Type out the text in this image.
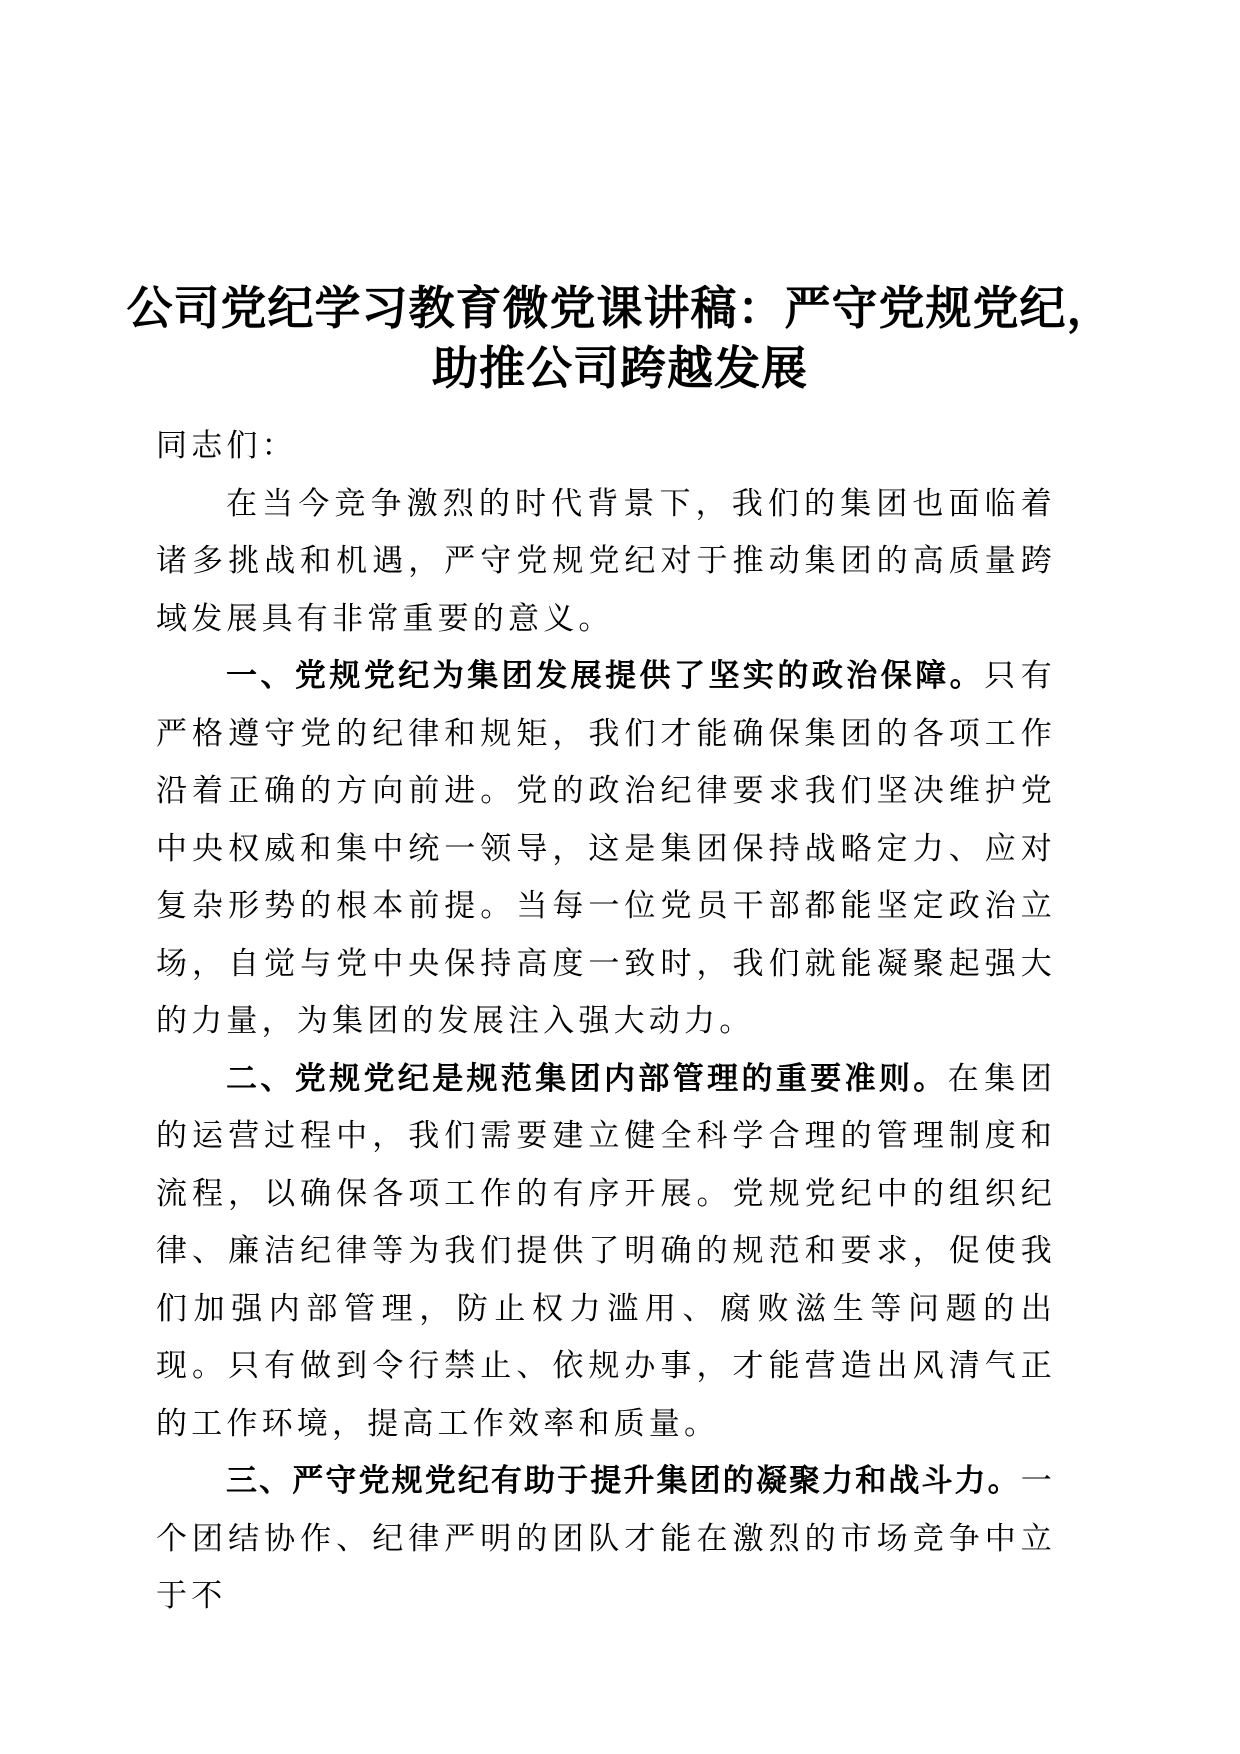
公司党纪学习教育微党课讲稿：严守党规党纪，
助推公司跨越发展

同志们：

在当今竞争激烈的时代背景下，我们的集团也面临着诸多挑战和机遇，严守党规党纪对于推动集团的高质量跨域发展具有非常重要的意义。

一、党规党纪为集团发展提供了坚实的政治保障。只有严格遵守党的纪律和规矩，我们才能确保集团的各项工作沿着正确的方向前进。党的政治纪律要求我们坚决维护党中央权威和集中统一领导，这是集团保持战略定力、应对复杂形势的根本前提。当每一位党员干部都能坚定政治立场，自觉与党中央保持高度一致时，我们就能凝聚起强大的力量，为集团的发展注入强大动力。

二、党规党纪是规范集团内部管理的重要准则。在集团的运营过程中，我们需要建立健全科学合理的管理制度和流程，以确保各项工作的有序开展。党规党纪中的组织纪律、廉洁纪律等为我们提供了明确的规范和要求，促使我们加强内部管理，防止权力滥用、腐败滋生等问题的出现。只有做到令行禁止、依规办事，才能营造出风清气正的工作环境，提高工作效率和质量。

三、严守党规党纪有助于提升集团的凝聚力和战斗力。一个团结协作、纪律严明的团队才能在激烈的市场竞争中立于不
